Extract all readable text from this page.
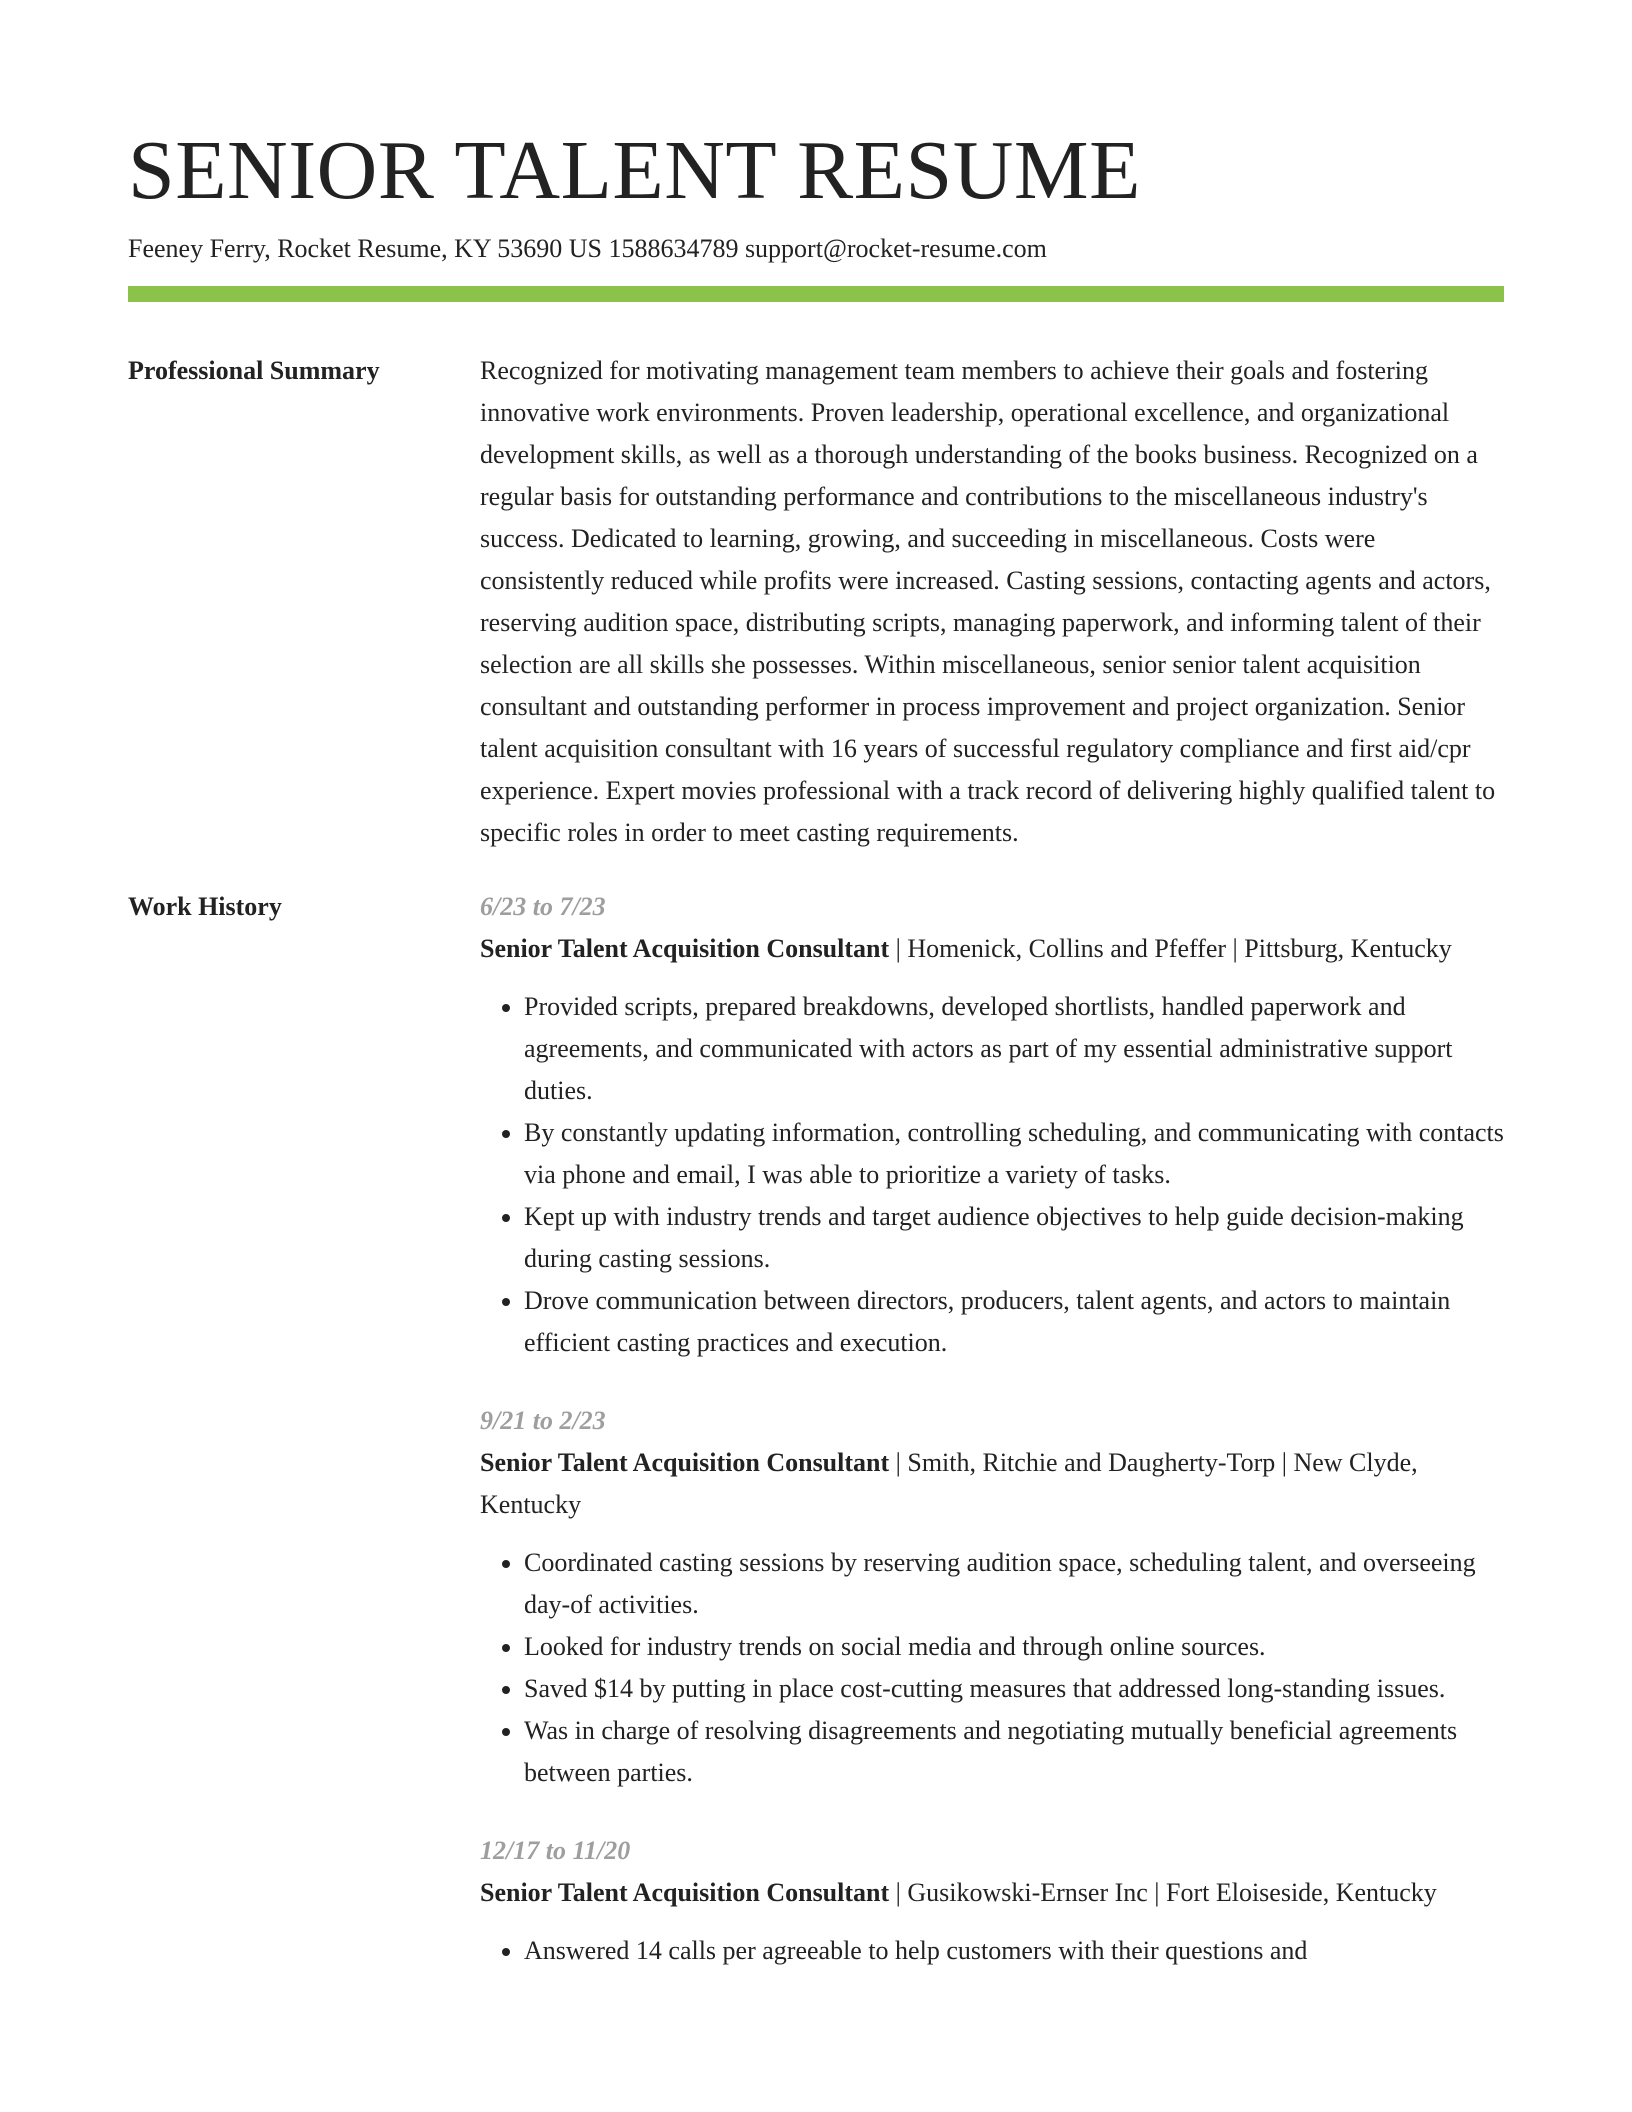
SENIOR TALENT RESUME
Feeney Ferry, Rocket Resume, KY 53690 US 1588634789 support@rocket-resume.com
Professional Summary	Recognized for motivating management team members to achieve their goals and fostering innovative work environments. Proven leadership, operational excellence, and organizational development skills, as well as a thorough understanding of the books business. Recognized on a regular basis for outstanding performance and contributions to the miscellaneous industry's success. Dedicated to learning, growing, and succeeding in miscellaneous. Costs were consistently reduced while profits were increased. Casting sessions, contacting agents and actors, reserving audition space, distributing scripts, managing paperwork, and informing talent of their selection are all skills she possesses. Within miscellaneous, senior senior talent acquisition consultant and outstanding performer in process improvement and project organization. Senior talent acquisition consultant with 16 years of successful regulatory compliance and first aid/cpr experience. Expert movies professional with a track record of delivering highly qualified talent to specific roles in order to meet casting requirements.

Work History	6/23 to 7/23
Senior Talent Acquisition Consultant | Homenick, Collins and Pfeffer | Pittsburg, Kentucky
• Provided scripts, prepared breakdowns, developed shortlists, handled paperwork and agreements, and communicated with actors as part of my essential administrative support duties.
• By constantly updating information, controlling scheduling, and communicating with contacts via phone and email, I was able to prioritize a variety of tasks.
• Kept up with industry trends and target audience objectives to help guide decision-making during casting sessions.
• Drove communication between directors, producers, talent agents, and actors to maintain efficient casting practices and execution.
9/21 to 2/23
Senior Talent Acquisition Consultant | Smith, Ritchie and Daugherty-Torp | New Clyde, Kentucky
• Coordinated casting sessions by reserving audition space, scheduling talent, and overseeing day-of activities.
• Looked for industry trends on social media and through online sources.
• Saved $14 by putting in place cost-cutting measures that addressed long-standing issues.
• Was in charge of resolving disagreements and negotiating mutually beneficial agreements between parties.
12/17 to 11/20
Senior Talent Acquisition Consultant | Gusikowski-Ernser Inc | Fort Eloiseside, Kentucky
• Answered 14 calls per agreeable to help customers with their questions and
